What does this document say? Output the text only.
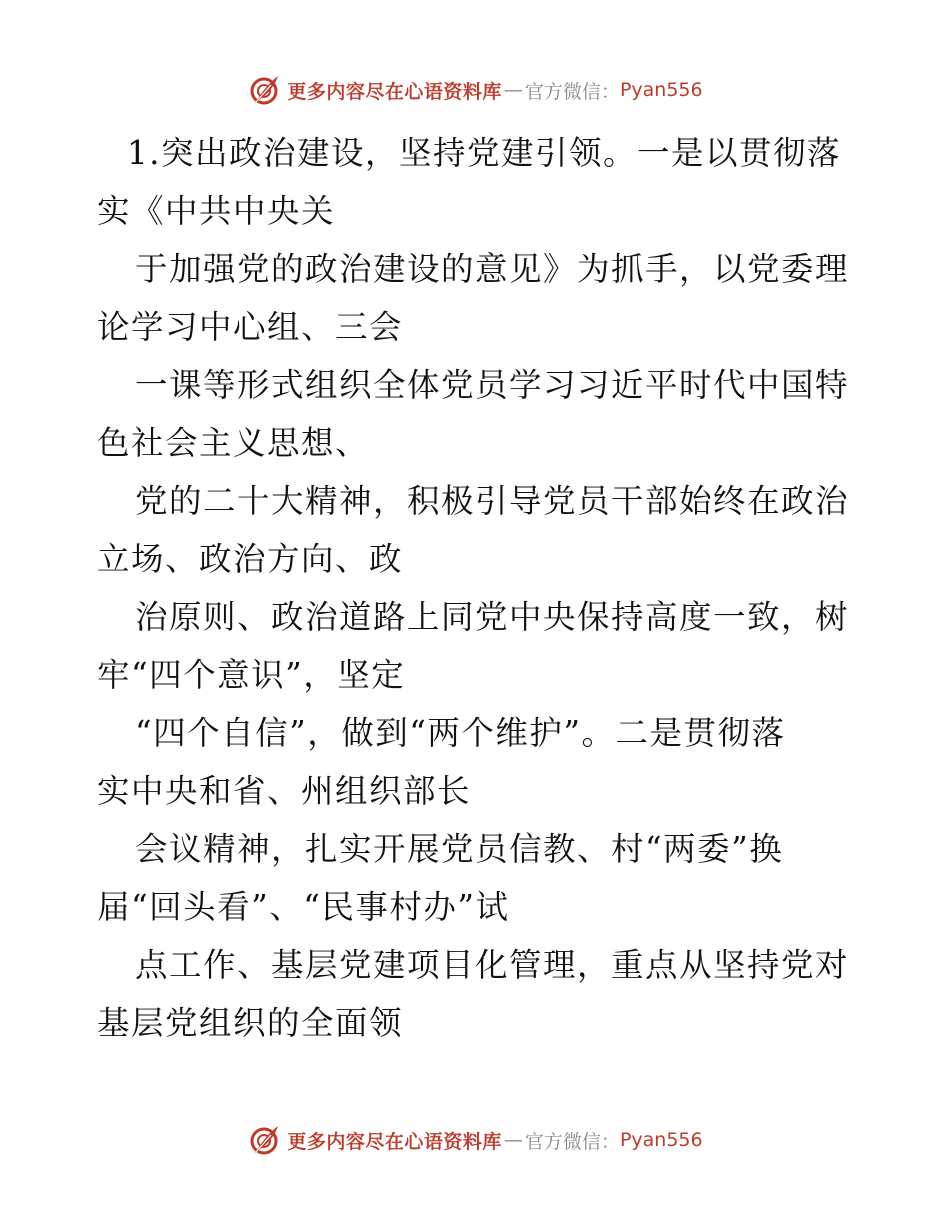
更多内容尽在心语资料库 — 官方微信： Pyan556
1.突出政治建设，坚持党建引领。一是以贯彻落
实《中共中央关
于加强党的政治建设的意见》为抓手，以党委理
论学习中心组、三会
一课等形式组织全体党员学习习近平时代中国特
色社会主义思想、
党的二十大精神，积极引导党员干部始终在政治
立场、政治方向、政
治原则、政治道路上同党中央保持高度一致，树
牢“四个意识”，坚定
“四个自信”，做到“两个维护”。二是贯彻落
实中央和省、州组织部长
会议精神，扎实开展党员信教、村“两委”换
届“回头看”、“民事村办”试
点工作、基层党建项目化管理，重点从坚持党对
基层党组织的全面领
更多内容尽在心语资料库 — 官方微信： Pyan556
